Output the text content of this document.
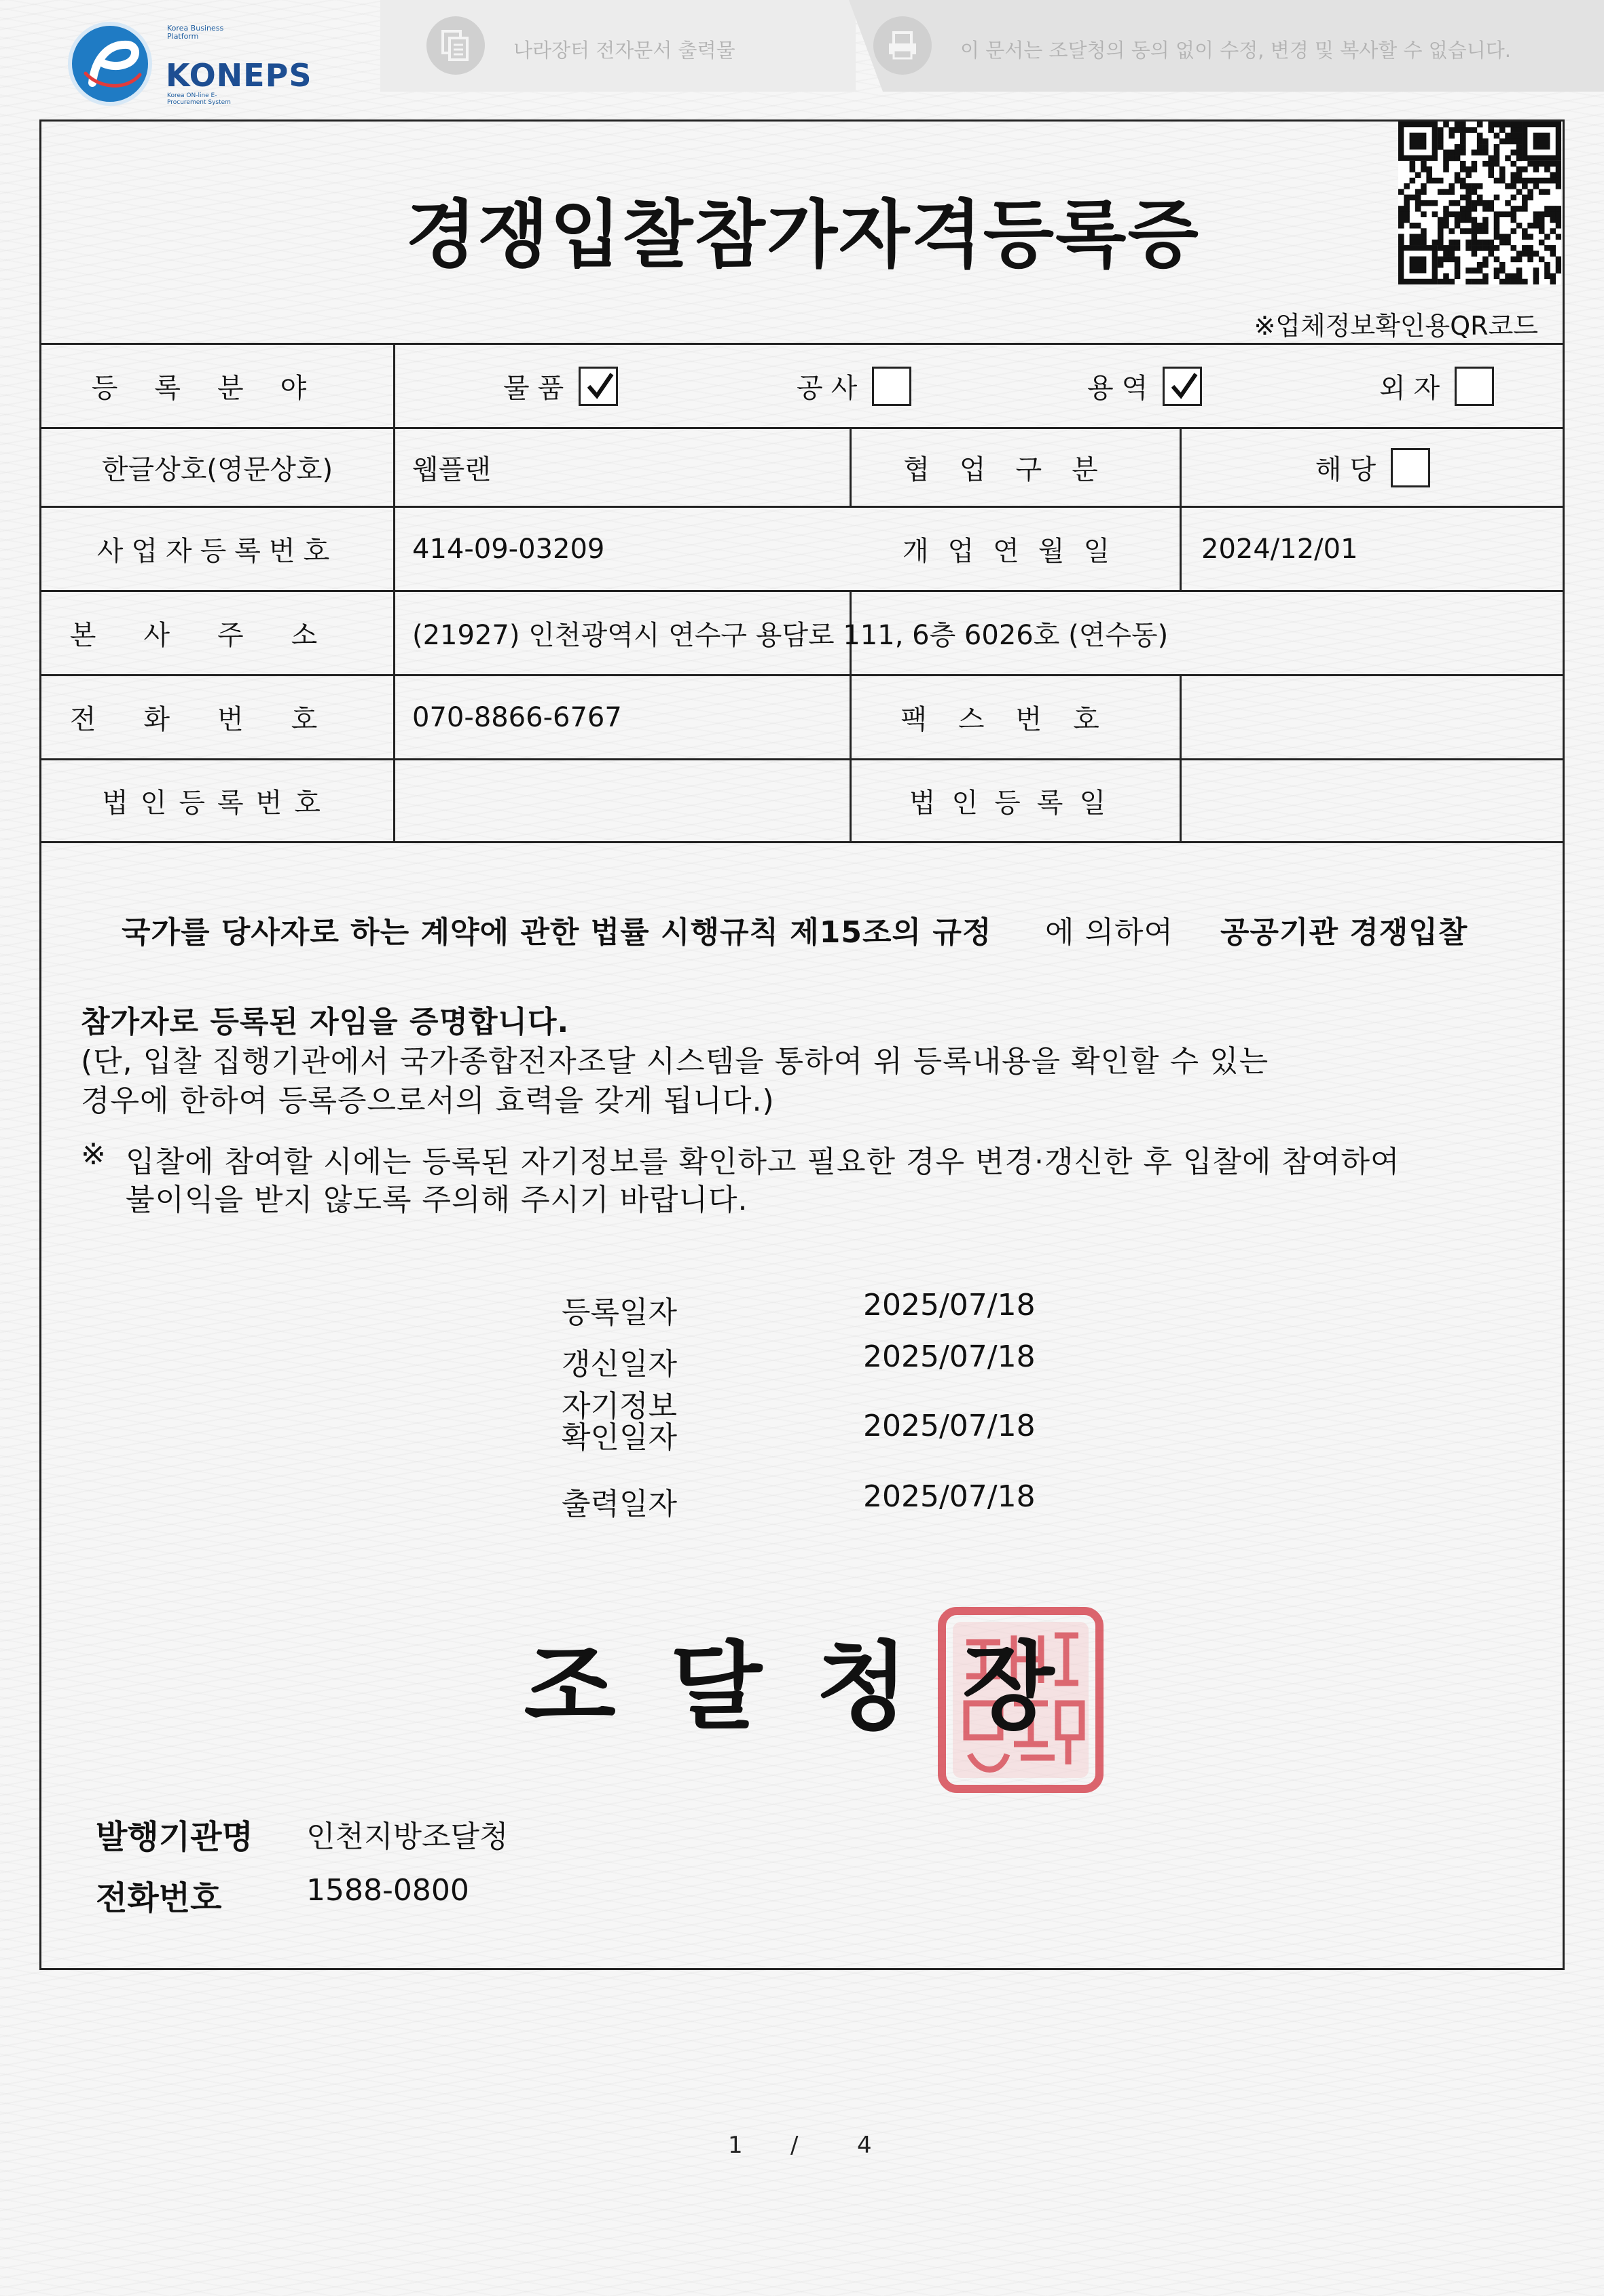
Korea Business Platform
KONEPS
Korea ON-line E-Procurement System
나라장터 전자문서 출력물	이 문서는 조달청의 동의 없이 수정, 변경 및 복사할 수 없습니다.
경쟁입찰참가자격등록증
※업체정보확인용QR코드
등록분야	물품	공사	용역	외자
한글상호(영문상호)	웹플랜	협업구분	해당
사업자등록번호	414-09-03209	개업연월일	2024/12/01
본사주소 (21927) 인천광역시 연수구 용담로 111, 6층 6026호 (연수동)
전화번호 070-8866-6767	팩스번호
법인등록번호	법인등록일
국가를 당사자로 하는 계약에 관한 법률 시행규칙 제15조의 규정 에 의하여 공공기관 경쟁입찰
참가자로 등록된 자임을 증명합니다.
(단, 입찰 집행기관에서 국가종합전자조달 시스템을 통하여 위 등록내용을 확인할 수 있는
경우에 한하여 등록증으로서의 효력을 갖게 됩니다.)
※ 입찰에 참여할 시에는 등록된 자기정보를 확인하고 필요한 경우 변경·갱신한 후 입찰에 참여하여
불이익을 받지 않도록 주의해 주시기 바랍니다.
등록일자	2025/07/18
갱신일자	2025/07/18
자기정보
확인일자	2025/07/18
출력일자	2025/07/18
조달청장
발행기관명 인천지방조달청
전화번호	1588-0800
1 /	4
